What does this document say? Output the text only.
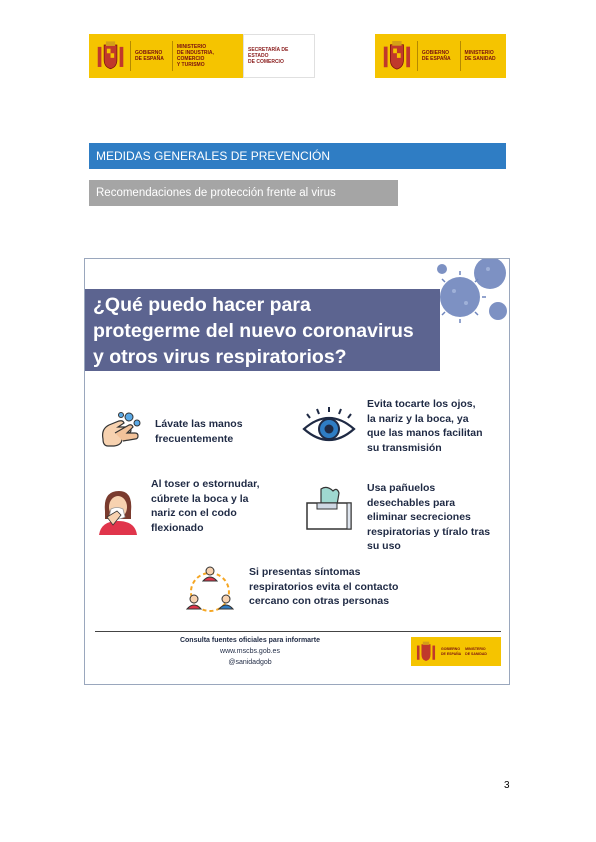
GOBIERNO
DE ESPAÑA
MINISTERIO
DE INDUSTRIA, COMERCIO
Y TURISMO
SECRETARÍA DE ESTADO
DE COMERCIO
GOBIERNO
DE ESPAÑA
MINISTERIO
DE SANIDAD
MEDIDAS GENERALES DE PREVENCIÓN
Recomendaciones de protección frente al virus
¿Qué puedo hacer para
protegerme del nuevo coronavirus
y otros virus respiratorios?
Lávate las manos
frecuentemente
Evita tocarte los ojos,
la nariz y la boca, ya
que las manos facilitan
su transmisión
Al toser o estornudar,
cúbrete la boca y la
nariz con el codo
flexionado
Usa pañuelos
desechables para
eliminar secreciones
respiratorias y tíralo tras
su uso
Si presentas síntomas
respiratorios evita el contacto
cercano con otras personas
Consulta fuentes oficiales para informarte
www.mscbs.gob.es
@sanidadgob
GOBIERNO
DE ESPAÑA
MINISTERIO
DE SANIDAD
3
